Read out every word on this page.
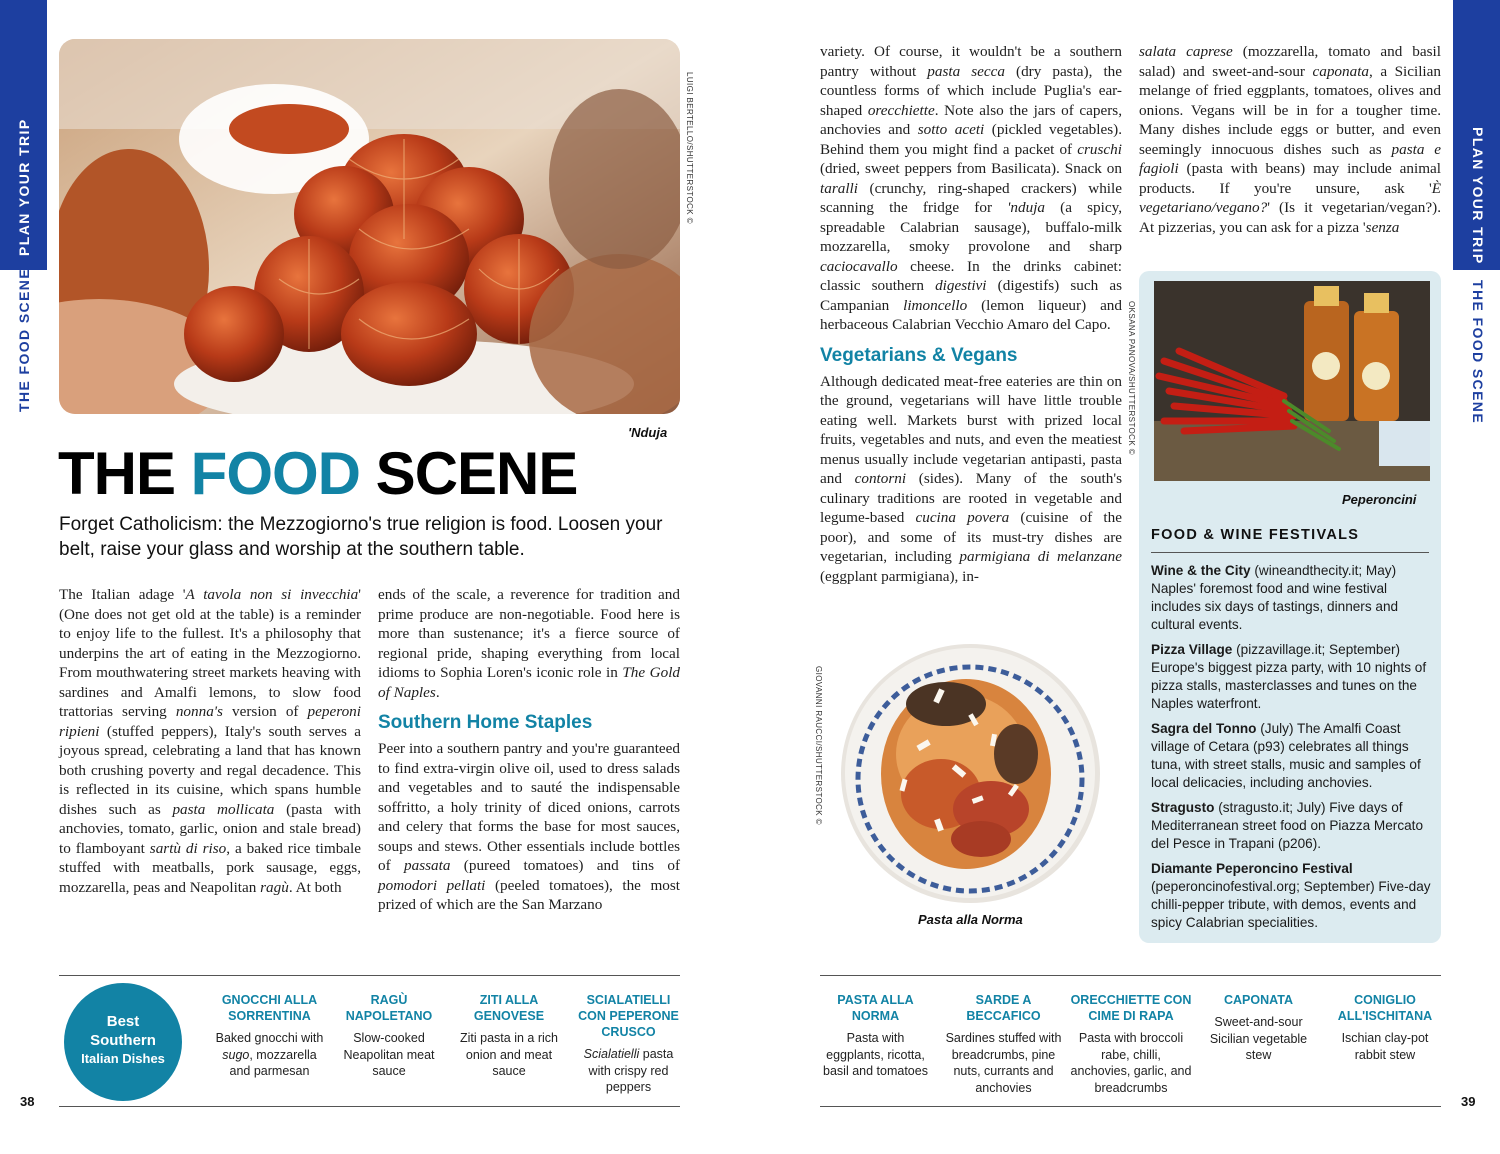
PLAN YOUR TRIP
THE FOOD SCENE
PLAN YOUR TRIP
THE FOOD SCENE
LUIGI BERTELLO/SHUTTERSTOCK ©
'Nduja
THE FOOD SCENE
Forget Catholicism: the Mezzogiorno's true religion is food. Loosen your belt, raise your glass and worship at the southern table.

The Italian adage 'A tavola non si invecchia' (One does not get old at the table) is a reminder to enjoy life to the fullest. It's a philosophy that underpins the art of eating in the Mezzogiorno. From mouthwatering street markets heaving with sardines and Amalfi lemons, to slow food trattorias serving nonna's version of peperoni ripieni (stuffed peppers), Italy's south serves a joyous spread, celebrating a land that has known both crushing poverty and regal decadence. This is reflected in its cuisine, which spans humble dishes such as pasta mollicata (pasta with anchovies, tomato, garlic, onion and stale bread) to flamboyant sartù di riso, a baked rice timbale stuffed with meatballs, pork sausage, eggs, mozzarella, peas and Neapolitan ragù. At both

ends of the scale, a reverence for tradition and prime produce are non-negotiable. Food here is more than sustenance; it's a fierce source of regional pride, shaping everything from local idioms to Sophia Loren's iconic role in The Gold of Naples.

Southern Home Staples

Peer into a southern pantry and you're guaranteed to find extra-virgin olive oil, used to dress salads and vegetables and to sauté the indispensable soffritto, a holy trinity of diced onions, carrots and celery that forms the base for most sauces, soups and stews. Other essentials include bottles of passata (pureed tomatoes) and tins of pomodori pellati (peeled tomatoes), the most prized of which are the San Marzano

variety. Of course, it wouldn't be a southern pantry without pasta secca (dry pasta), the countless forms of which include Puglia's ear-shaped orecchiette. Note also the jars of capers, anchovies and sotto aceti (pickled vegetables). Behind them you might find a packet of cruschi (dried, sweet peppers from Basilicata). Snack on taralli (crunchy, ring-shaped crackers) while scanning the fridge for 'nduja (a spicy, spreadable Calabrian sausage), buffalo-milk mozzarella, smoky provolone and sharp caciocavallo cheese. In the drinks cabinet: classic southern digestivi (digestifs) such as Campanian limoncello (lemon liqueur) and herbaceous Calabrian Vecchio Amaro del Capo.

Vegetarians & Vegans

Although dedicated meat-free eateries are thin on the ground, vegetarians will have little trouble eating well. Markets burst with prized local fruits, vegetables and nuts, and even the meatiest menus usually include vegetarian antipasti, pasta and contorni (sides). Many of the south's culinary traditions are rooted in vegetable and legume-based cucina povera (cuisine of the poor), and some of its must-try dishes are vegetarian, including parmigiana di melanzane (eggplant parmigiana), in-

salata caprese (mozzarella, tomato and basil salad) and sweet-and-sour caponata, a Sicilian melange of fried eggplants, tomatoes, olives and onions. Vegans will be in for a tougher time. Many dishes include eggs or butter, and even seemingly innocuous dishes such as pasta e fagioli (pasta with beans) may include animal products. If you're unsure, ask 'È vegetariano/vegano?' (Is it vegetarian/vegan?). At pizzerias, you can ask for a pizza 'senza

GIOVANNI RAUCCI/SHUTTERSTOCK ©
Pasta alla Norma
OKSANA PANOVA/SHUTTERSTOCK ©
Peperoncini
FOOD & WINE FESTIVALS
Wine & the City (wineandthecity.it; May) Naples' foremost food and wine festival includes six days of tastings, dinners and cultural events.
Pizza Village (pizzavillage.it; September) Europe's biggest pizza party, with 10 nights of pizza stalls, masterclasses and tunes on the Naples waterfront.
Sagra del Tonno (July) The Amalfi Coast village of Cetara (p93) celebrates all things tuna, with street stalls, music and samples of local delicacies, including anchovies.
Stragusto (stragusto.it; July) Five days of Mediterranean street food on Piazza Mercato del Pesce in Trapani (p206).
Diamante Peperoncino Festival (peperoncinofestival.org; September) Five-day chilli-pepper tribute, with demos, events and spicy Calabrian specialities.
Best
Southern
Italian Dishes
GNOCCHI ALLA SORRENTINA
Baked gnocchi with sugo, mozzarella and parmesan
RAGÙ NAPOLETANO
Slow-cooked Neapolitan meat sauce
ZITI ALLA GENOVESE
Ziti pasta in a rich onion and meat sauce
SCIALATIELLI CON PEPERONE CRUSCO
Scialatielli pasta with crispy red peppers
PASTA ALLA NORMA
Pasta with eggplants, ricotta, basil and tomatoes
SARDE A BECCAFICO
Sardines stuffed with breadcrumbs, pine nuts, currants and anchovies
ORECCHIETTE CON CIME DI RAPA
Pasta with broccoli rabe, chilli, anchovies, garlic, and breadcrumbs
CAPONATA
Sweet-and-sour Sicilian vegetable stew
CONIGLIO ALL'ISCHITANA
Ischian clay-pot rabbit stew
38	39
